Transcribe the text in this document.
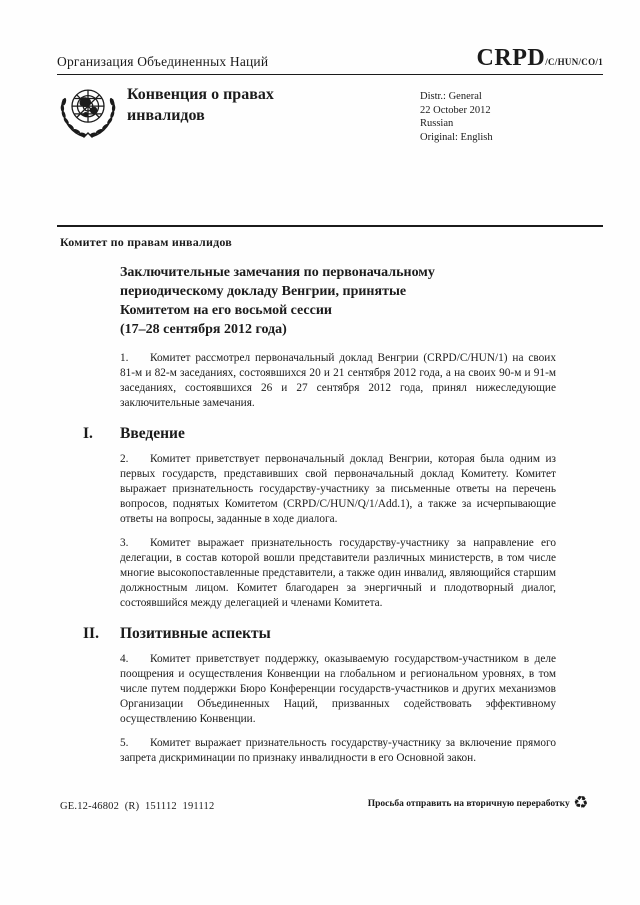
Организация Объединенных Наций	CRPD/C/HUN/CO/1
Конвенция о правах инвалидов
Distr.: General
22 October 2012
Russian
Original: English
Комитет по правам инвалидов
Заключительные замечания по первоначальному периодическому докладу Венгрии, принятые Комитетом на его восьмой сессии
(17–28 сентября 2012 года)

1. Комитет рассмотрел первоначальный доклад Венгрии (CRPD/C/HUN/1) на своих 81-м и 82-м заседаниях, состоявшихся 20 и 21 сентября 2012 года, а на своих 90-м и 91-м заседаниях, состоявшихся 26 и 27 сентября 2012 года, принял нижеследующие заключительные замечания.

I.	Введение

2. Комитет приветствует первоначальный доклад Венгрии, которая была одним из первых государств, представивших свой первоначальный доклад Комитету. Комитет выражает признательность государству-участнику за письменные ответы на перечень вопросов, поднятых Комитетом (CRPD/C/HUN/Q/1/Add.1), а также за исчерпывающие ответы на вопросы, заданные в ходе диалога.

3. Комитет выражает признательность государству-участнику за направление его делегации, в состав которой вошли представители различных министерств, в том числе многие высокопоставленные представители, а также один инвалид, являющийся старшим должностным лицом. Комитет благодарен за энергичный и плодотворный диалог, состоявшийся между делегацией и членами Комитета.

II.	Позитивные аспекты

4. Комитет приветствует поддержку, оказываемую государством-участником в деле поощрения и осуществления Конвенции на глобальном и региональном уровнях, в том числе путем поддержки Бюро Конференции государств-участников и других механизмов Организации Объединенных Наций, призванных содействовать эффективному осуществлению Конвенции.

5. Комитет выражает признательность государству-участнику за включение прямого запрета дискриминации по признаку инвалидности в его Основной закон.

GE.12-46802  (R)  151112  191112	Просьба отправить на вторичную переработку ♻
